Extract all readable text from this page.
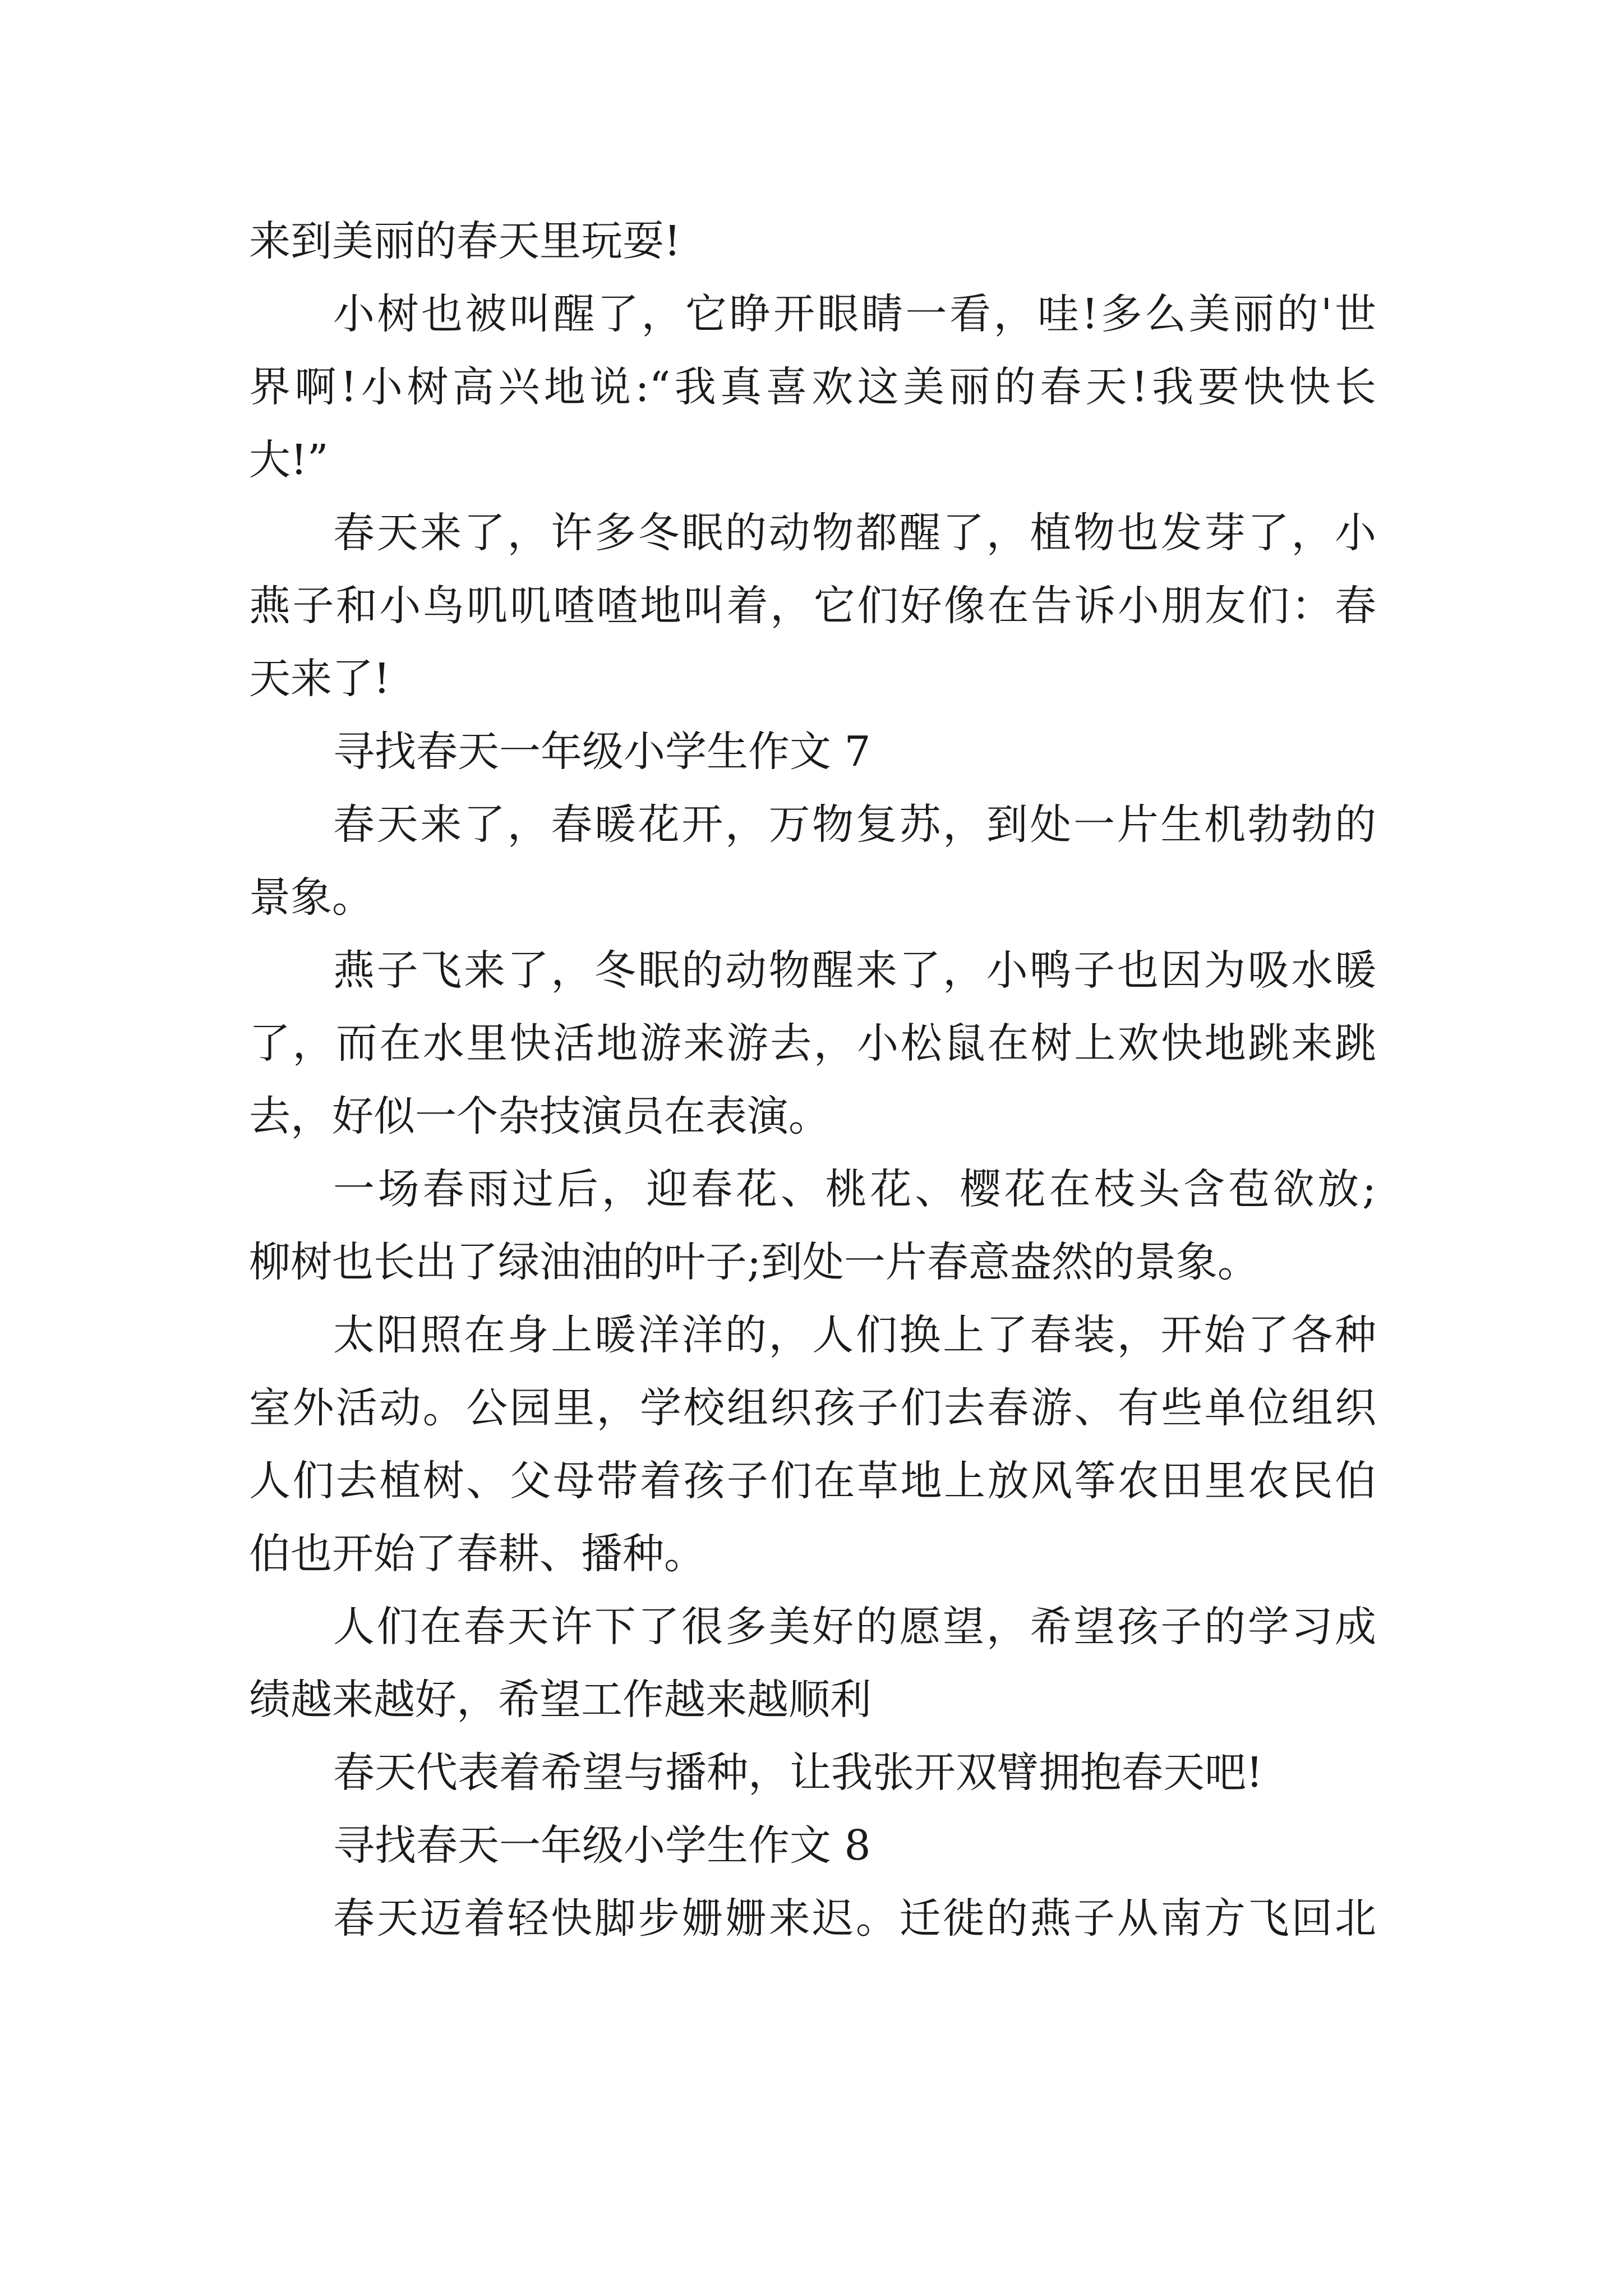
来到美丽的春天里玩耍!

小树也被叫醒了，它睁开眼睛一看，哇!多么美丽的'世

界啊!小树高兴地说:“我真喜欢这美丽的春天!我要快快长

大!”

春天来了，许多冬眠的动物都醒了，植物也发芽了，小

燕子和小鸟叽叽喳喳地叫着，它们好像在告诉小朋友们：春

天来了!

寻找春天一年级小学生作文 7

春天来了，春暖花开，万物复苏，到处一片生机勃勃的

景象。

燕子飞来了，冬眠的动物醒来了，小鸭子也因为吸水暖

了，而在水里快活地游来游去，小松鼠在树上欢快地跳来跳

去，好似一个杂技演员在表演。

一场春雨过后，迎春花、桃花、樱花在枝头含苞欲放;

柳树也长出了绿油油的叶子;到处一片春意盎然的景象。

太阳照在身上暖洋洋的，人们换上了春装，开始了各种

室外活动。公园里，学校组织孩子们去春游、有些单位组织

人们去植树、父母带着孩子们在草地上放风筝农田里农民伯

伯也开始了春耕、播种。

人们在春天许下了很多美好的愿望，希望孩子的学习成

绩越来越好，希望工作越来越顺利

春天代表着希望与播种，让我张开双臂拥抱春天吧!

寻找春天一年级小学生作文 8

春天迈着轻快脚步姗姗来迟。迁徙的燕子从南方飞回北
